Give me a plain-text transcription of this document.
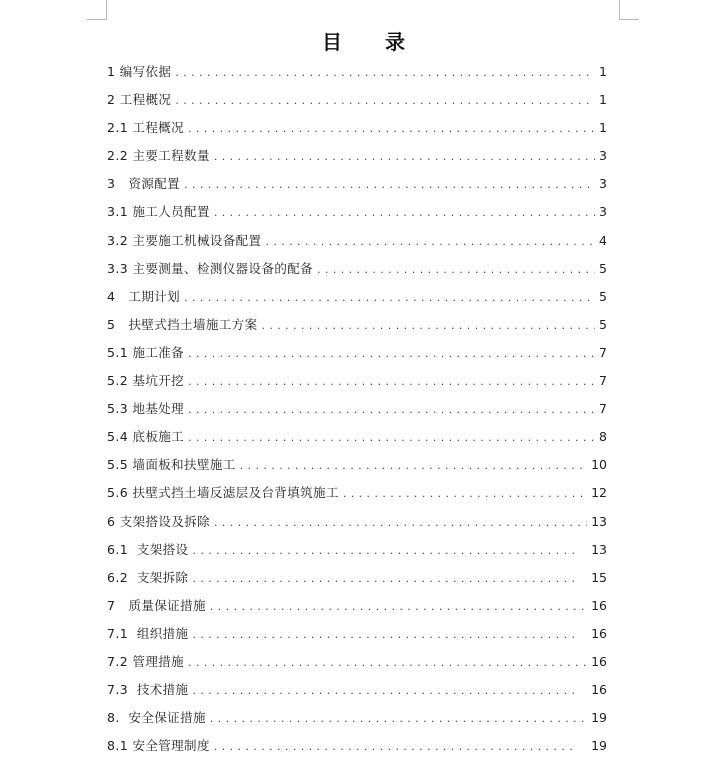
目 录
1 编写依据 .....	1
2 工程概况 .....	1
2.1 工程概况 .....	1
2.2 主要工程数量 .....	3
3   资源配置 .....	3
3.1 施工人员配置 .....	3
3.2 主要施工机械设备配置 .....	4
3.3 主要测量、检测仪器设备的配备 .....	5
4   工期计划 .....	5
5   扶壁式挡土墙施工方案 .....	5
5.1 施工准备 .....	7
5.2 基坑开挖 .....	7
5.3 地基处理 .....	7
5.4 底板施工 .....	8
5.5 墙面板和扶壁施工 .....	10
5.6 扶壁式挡土墙反滤层及台背填筑施工 .....	12
6 支架搭设及拆除 .....	13
6.1  支架搭设 .....	13
6.2  支架拆除 .....	15
7   质量保证措施 .....	16
7.1  组织措施 .....	16
7.2 管理措施 .....	16
7.3  技术措施 .....	16
8.  安全保证措施 .....	19
8.1 安全管理制度 .....	19
